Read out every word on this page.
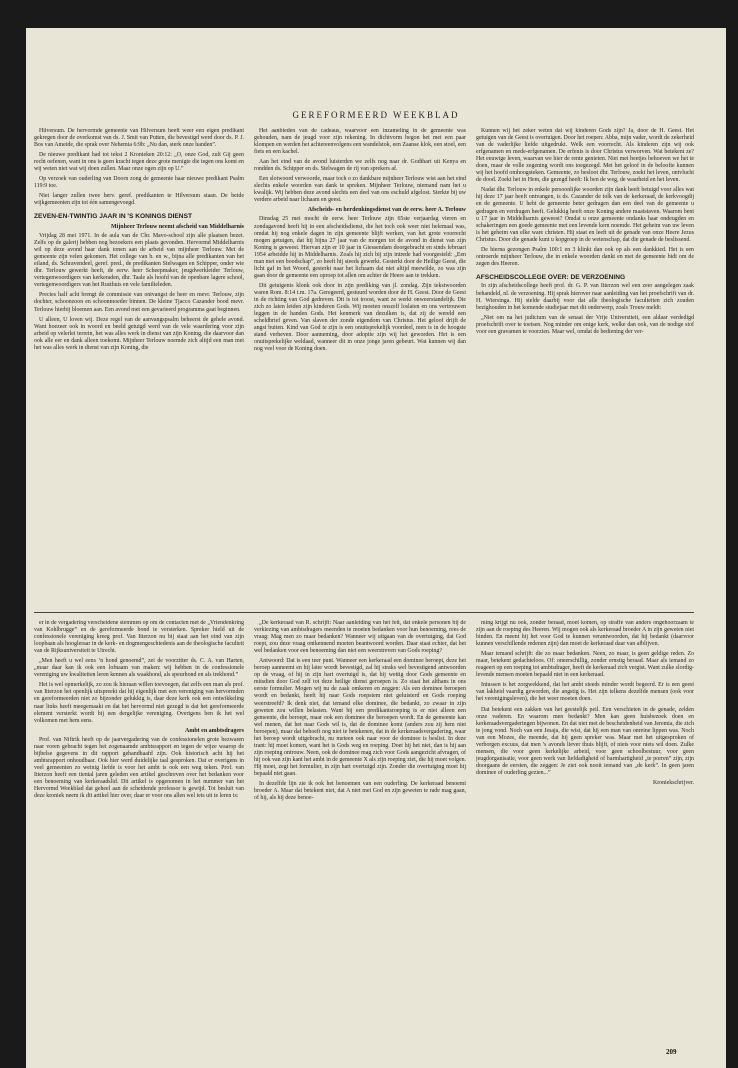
GEREFORMEERD WEEKBLAD

Hilversum. De hervormde gemeente van Hilversum heeft weer een eigen predikant gekregen door de overkomst van ds. J. Smit van Putten, die bevestigd werd door ds. P. J. Bos van Ameide, die sprak over Nehemia 6:9b: „Nu dan, sterk onze handen”.

De nieuwe predikant had tot tekst 2 Kronieken 20:12: „O, onze God, zult Gij geen recht oefenen, want in ons is geen kracht tegen deze grote menigte die tegen ons komt en wij weten niet wat wij doen zullen. Maar onze ogen zijn op U.”

Op verzoek van ouderling van Doorn zong de gemeente haar nieuwe predikant Psalm 119:9 toe.

Niet langer zullen twee herv. geref. predikanten te Hilversum staan. De beide wijkgemeenten zijn tot één samengevoegd.

ZEVEN-EN-TWINTIG JAAR IN 'S KONINGS DIENST
Mijnheer Terlouw neemt afscheid van Middelharnis

Vrijdag 28 mei 1971. In de aula van de Chr. Mavo-school zijn alle plaatsen bezet. Zelfs op de galerij hebben nog bezoekers een plaats gevonden. Hervormd Middelharnis wil op deze avond haar dank tonen aan de arbeid van mijnheer Terlouw. Met de gemeente zijn velen gekomen. Het college van b. en w., bijna alle predikanten van het eiland, ds. Schravendeel, geref. pred., de predikanten Stelwagen en Schipper, onder wie dhr. Terlouw gewerkt heeft, de eerw. heer Scheepmaker, jeugdwerkleider Terlouw, vertegenwoordigers van kerkeraden, dhr. Taale als hoofd van de openbare lagere school, vertegenwoordigers van het Rusthuis en vele familieleden.

Precies half acht brengt de commissie van ontvangst de heer en mevr. Terlouw, zijn dochter, schoonzoon en schoonmoeder binnen. De kleine Tjacco Cazander bood mevr. Terlouw hierbij bloemen aan. Een avond met een gevarieerd programma gaat beginnen.

U alleen, U loven wij. Deze regel van de aanvangspsalm beheerst de gehele avond. Want hoezeer ook in woord en beeld getuigd werd van de vele waardering voor zijn arbeid op velerlei terrein, het was alles werk in dienst van zijn Koning, die daarvoor dan ook alle eer en dank alleen toekomt. Mijnheer Terlouw noemde zich altijd een man met het was alles werk in dienst van zijn Koning, die

Het aanbieden van de cadeaus, waarvoor een inzameling in de gemeente was gehouden, nam de jeugd voor zijn rekening. In dichtvorm begon het met een paar klompen en werden het achtereenvolgens een wandelstok, een Zaanse klok, een stoel, een fiets en een kachel.

Aan het eind van de avond luisterden we zelfs nog naar dr. Godthart uit Kenya en rondden ds. Schipper en ds. Stelwagen de rij van sprekers af.

Een slotwoord verwoorde, maar toch o zo dankbare mijnheer Terlouw wist aan het eind slechts enkele woorden van dank te spreken. Mijnheer Terlouw, niemand nam het u kwalijk. Wij hebben deze avond slechts een deel van ons eschuld afgelost. Sterkte bij uw verdere arbeid naar lichaam en geest.

Afscheids- en herdenkingsdienst van de eerw. heer A. Terlouw

Dinsdag 25 mei mocht de eerw. heer Terlouw zijn 65ste verjaardag vieren en zondagavond heeft hij in een afscheidsdienst, die het toch ook weer niet helemaal was, omdat hij nog enkele dagen in zijn gemeente blijft werken, van het grote voorrecht mogen getuigen, dat hij bijna 27 jaar van de morgen tot de avond in dienst van zijn Koning is geweest. Hiervan zijn er 10 jaar in Giessendam doorgebracht en sinds februari 1954 arbeidde hij in Middelharnis. Zoals hij zich bij zijn intrede had voorgesteld: „Een man met een boodschap”, zo heeft hij steeds gewerkt. Gesterkt door de Heilige Geest, die licht gaf in het Woord, gesterkt naar het lichaam dat niet altijd meewilde, zo was zijn gaan door de gemeente een oproep tot allen om achter de Heere aan te trekken.

Dit getuigenis klonk ook door in zijn prediking van jl. zondag. Zijn tekstwoorden waren Rom. 8:14 t.m. 17a. Geregeerd, gestuurd worden door de H. Geest. Door de Geest in de richting van God gedreven. Dit is tot troost, want ze werkt onweerstandelijk. Die zich zo laten leiden zijn kinderen Gods. Wij moeten onszelf loslaten en ons vertrouwen leggen in de handen Gods. Het kenmerk van dezulken is, dat zij de wereld een scheldbrief geven. Van slaven der zonde eigendom van Christus. Het geloof drijft de angst buiten. Kind van God te zijn is een onuitsprekelijk voordeel, men is in de hoogste stand verheven. Door aanneming, door adoptie zijn wij het geworden. Het is een onuitsprekelijke weldaad, wanneer dit in onze jonge jaren gebeurt. Wat kunnen wij dan nog veel voor de Koning doen.

Kunnen wij het zeker weten dat wij kinderen Gods zijn? Ja, door de H. Geest. Het getuigen van de Geest is overtuigen. Door het roepen: Abba, mijn vader, wordt de zekerheid van de vaderlijke liefde uitgedrukt. Welk een voorrecht. Als kinderen zijn wij ook erfgenamen en mede-erfgenamen. De erfenis is door Christus verworven. Wat betekent ze? Het eeuwige leven, waarvan we hier de rente genieten. Niet met beetjes behoeven we het te doen, maar de volle zegening wordt ons toegezegd. Met het geloof in de beloofte kunnen wij het hoofd omhoogsteken. Gemeente, zo besloot dhr. Terlouw, zoekt het leven, ontvlucht de dood. Zoekt het in Hem, die gezegd heeft: Ik ben de weg, de waarheid en het leven.

Nadat dhr. Terlouw in enkele persoonlijke woorden zijn dank heeft betuigd voor alles wat hij deze 17 jaar heeft ontvangen, is ds. Cazander de tolk van de kerkeraad, de kerkvoogdij en de gemeente. U hebt de gemeente beter gedragen dan een deel van de gemeente u gedragen en verdragen heeft. Gelukkig heeft onze Koning andere maatstaven. Waarom bent u 17 jaar in Middelharnis geweest? Omdat u onze gemeente ondanks haar ondeugden en schakeringen een goede gemeente met een levende kern noemde. Het geheim van uw leven is het geheim van elke ware christen. Hij staat en leeft uit de genade van onze Heere Jezus Christus. Door die genade kunt u kopgroep in de wetenschap, dat die genade de beslissend.

De hierna gezongen Psalm 100:1 en 3 klinkt dan ook op als een dankkied. Het is een ontroerde mijnheer Terlouw, die in enkele woorden dankt en met de gemeente bidt om de zegen des Heeren.

AFSCHEIDSCOLLEGE OVER: DE VERZOENING

In zijn afscheidscollege heeft prof. dr. G. P. van Itterzon wel een zeer aangelegen zaak behandeld, nl. de verzoening. Hij sprak hierover naar aanleiding van het proefschrift van dr. H. Wiersinga. Hij stelde daarbij voor dat alle theologische faculteiten zich zouden bezighouden in het komende studiejaar met dit onderwerp, zoals Trouw meldt:

„Niet om na het judicium van de senaat der Vrije Universiteit, een aldaar verdedigd proefschrift over te toetsen. Nog minder om enige kerk, welke dan ook, van de nodige stof voor een gravamen te voorzien. Maar wel, omdat de bediening der ver-

er in de vergadering verscheidene stemmen op om de contacten met de „Vriendenkring van Kohlbrugge” en de gereformeerde bond te versterken. Spreker hield uit de confessionele vereniging kreeg prof. Van Itterzon nu bij staat aan het eind van zijn loopbaan als hoogleraar in de kerk- en dogmengeschiedenis aan de theologische faculteit van de Rijksuniversiteit te Utrecht.

„Men heeft u wel eens ‘n hond genoemd”, zei de voorzitter ds. C. A. van Harten, „maar daar kan ik ook een lofnaam van maken: wij hebben in de confessionele vereniging uw kwaliteiten leren kennen als waakhond, als speurhond en als trekhond.”

Het is wel opmerkelijk, zo zou ik hieraan willen toevoegen, dat zelfs een man als prof. van Itterzon het openlijk uitspreekt dat hij eigenlijk met een vereniging van hervormden en gereformeerden niet zo bijzonder gelukkig is, daar deze kerk ook een ontwikkeling naar links heeft meegemaakt en dat het hervormd niet gezegd is dat het gereformeerde element versterkt wordt bij een dergelijke vereniging. Overigens ben ik het wel volkomen met hem eens.

Ambt en ambtsdragers

Prof. van Niftrik heeft op de jaarvergadering van de confessionelen grote bezwaren naar voren gebracht tegen het zogenaamde ambtsrapport en tegen de wijze waarop de bijbelse gegevens in dit rapport gehandhaafd zijn. Ook historisch acht hij het ambtsrapport onhoudbaar. Ook hier werd duidelijke taal gesproken. Dat er overigens in veel gemeenten zo weinig liefde is voor het ambt is ook een weg teken. Prof. van Itterzon heeft een tiental jaren geleden een artikel geschreven over het bedanken voor een benoeming van kerkeraadslid. Dit artikel is opgenomen in het nummer van het Hervormd Weekblad dat geheel aan de scheidende professor is gewijd. Tot besluit van deze kroniek neem ik dit artikel hier over, daar er voor ons allen wel iets uit te leren is:

„De kerkeraad van R. schrijft: Naar aanleiding van het feit, dat enkele personen bij de verkiezing van ambtsdragers meenden te moeten bedanken voor hun benoeming, rees de vraag: Mag men zo maar bedanken? Wanneer wij uitgaan van de overtuiging, dat God roept, zou deze vraag ontkennend moeten beantwoord worden. Daar staat echter, dat het wel bedanken voor een benoeming dan niet een weerstreven van Gods roeping?

Antwoord: Dat is een teer punt. Wanneer een kerkeraad een dominee beroept, deze het beroep aanneemt en hij later wordt bevestigd, zal hij straks wel bevestigend antwoorden op de vraag, of hij in zijn hart overtuigd is, dat hij wettig door Gods gemeente en mitsdien door God zelf tot deze heilige dienst geroepen is. Zo staat het althans in ons eerste formulier. Mogen wij nu de zaak omkeren en zeggen: Als een dominee beroepen wordt en bedankt, heeft hij naar Gods roepstem niet geluisterd en Gods roeping weerstreefd? Ik denk niet, dat iemand elke dominee, die bedankt, zo zwaar in zijn geweten zou willen belasten. Want bij een predikantsroeping is er niet alleen een gemeente, die beroept, maar ook een dominee die beroepen wordt. En de gemeente kan wel menen, dat het naar Gods wil is, dat de dominee komt (anders zou zij hem niet beroepen), maar dat behoeft nog niet te betekenen, dat in de kerkeraadsvergadering, waar het beroep wordt uitgebracht, nu meteen ook naar voor de dominee is beslist. In deze trant: hij moet komen, want het is Gods weg en roeping. Doet hij het niet, dan is hij aan zijn roeping ontrouw. Neen, ook de dominee mag zich voor Gods aangezicht afvragen, of hij ook van zijn kant het ambt in de gemeente X als zijn roeping ziet, die hij moet volgen. Hij moet, zegt het formulier, in zijn hart overtuigd zijn. Zonder die overtuiging moet hij bepaald niet gaan.

In dezelfde lijn zie ik ook het benoemen van een ouderling. De kerkeraad benoemt broeder A. Maar dat betekent niet, dat A niet met God en zijn geweten te rade mag gaan, of hij, als hij deze benoe-

ming krijgt nu ook, zonder beraad, moet komen, op straffe van anders ongehoorzaam te zijn aan de roeping des Heeren. Wij mogen ook als kerkeraad broeder A in zijn geweten niet binden. En meent hij het voor God te kunnen verantwoorden, dat hij bedankt (daarvoor kunnen verschillende redenen zijn) dan moet de kerkeraad daar van afblijven.

Maar iemand schrijft: die zo maar bedanken. Neen, zo maar, is geen geldige reden. Zo maar, betekent gedachteloos. Of: oneerschillig, zonder ernstig beraad. Maar als iemand zo reageert op een roeping tot ambtsdrager, heeft de kerkeraad zich vergist. Want zulke slordig-levende mensen moeten bepaald niet in een kerkeraad.

Intussen is het zorgwekkend, dat het ambt steeds minder wordt begeerd. Er is een geest van lakheid vaardig geworden, die angstig is. Het zijn telkens dezelfde mensen (ook voor het verenigingsleven), die het weer moeten doen.

Dat betekent een zakken van het geestelijk peil. Een verschieten in de genade, zelden onze vaderen. En waarom men bedankt? Men kan geen huisbezoek doen en kerkeraadsvergaderingen bijwonen. En dat niet met de bescheidenheid van Jeremia, die zich te jong vond. Noch van een Jesaja, die wist, dat hij een man van onreine lippen was. Noch van een Mozes, die meende, dat hij geen spreker was. Maar met het uitgesproken of verborgen excuus, dat men ’s avonds liever thuis blijft, of niets voor niets wil doen. Zulke mensen, die voor geen kerkelijke arbeid, voor geen schoolbestuur, voor geen jeugdorganisatie, voor geen werk van liefdadigheid of barmhartigheid „te porren” zijn, zijn doorgaans de eersten, die zeggen: Je ziet ook nooit iemand van „de kerk”. In geen jaren dominee of ouderling gezien...”

Kroniekschrijver.

209
